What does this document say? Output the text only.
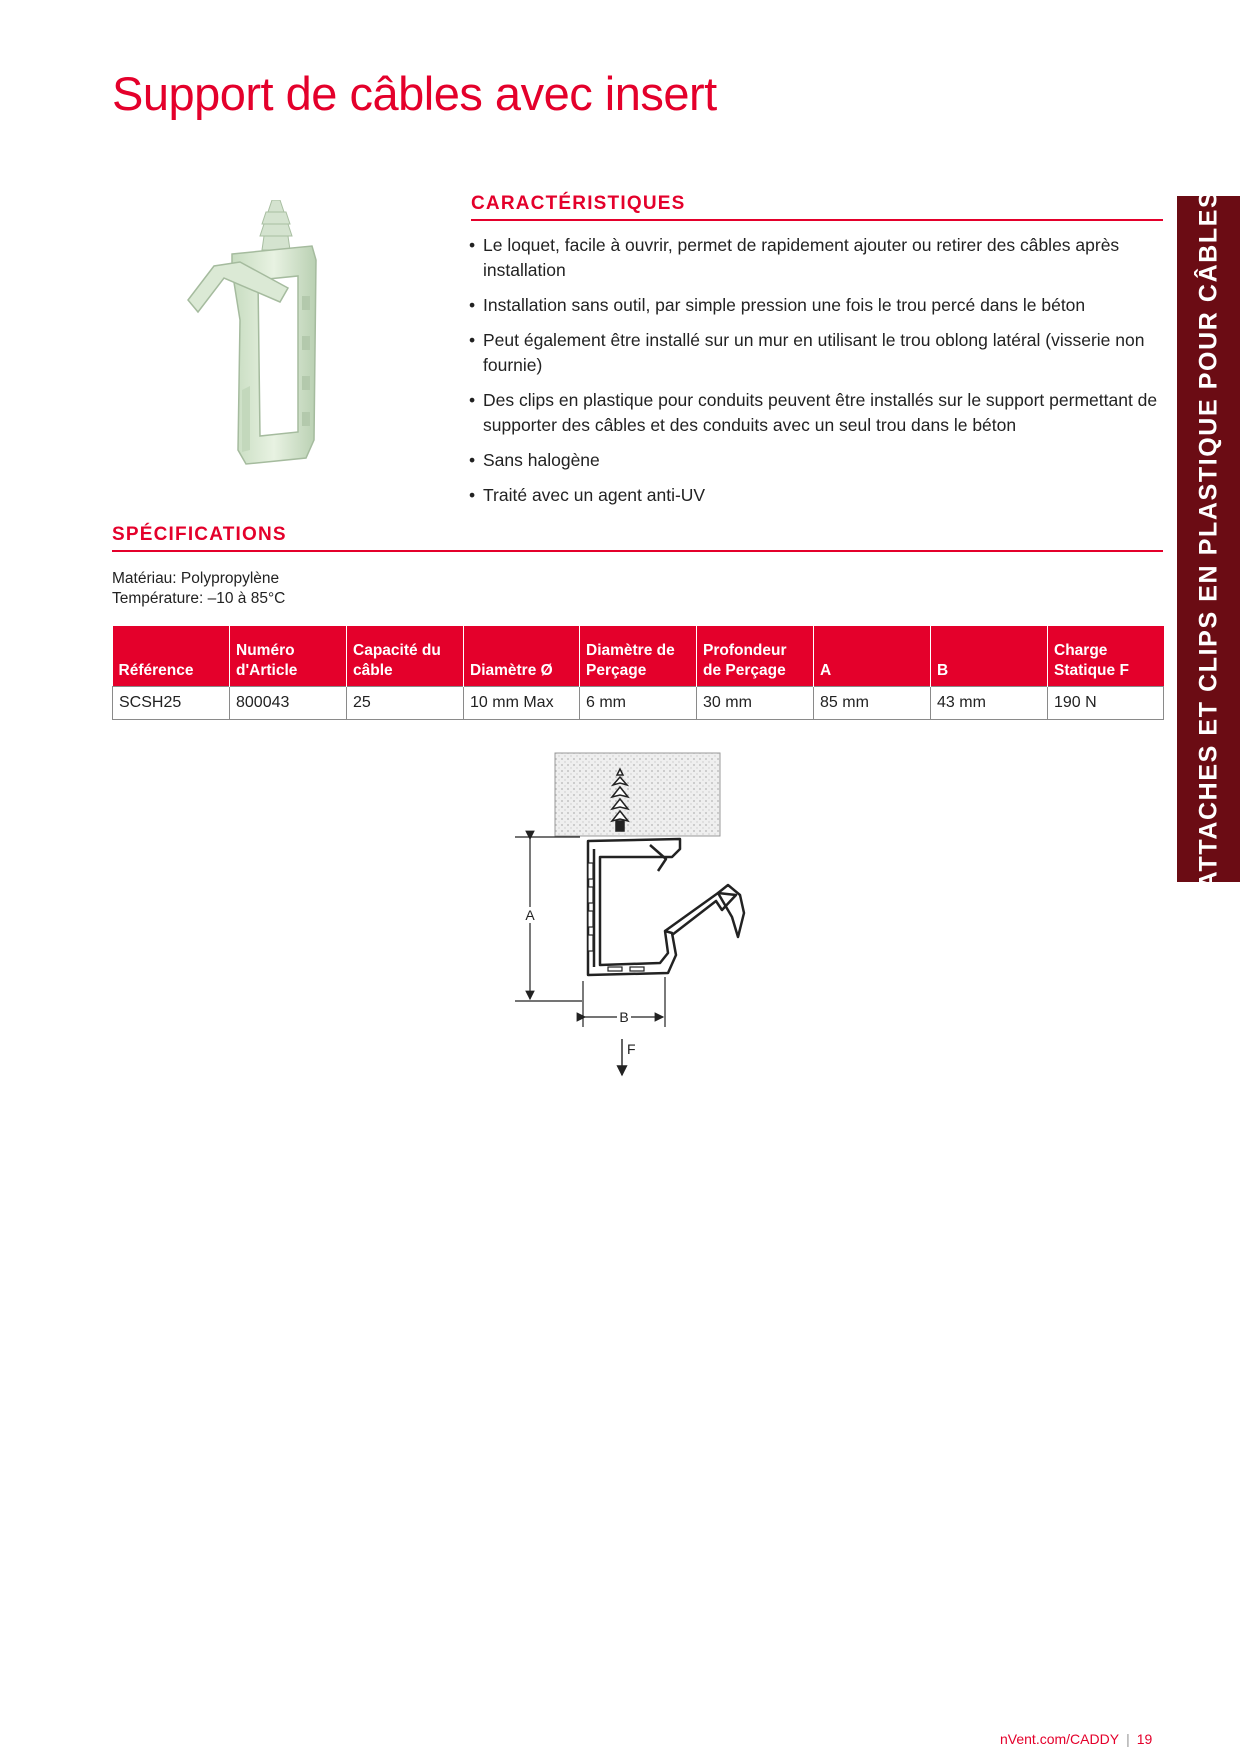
Support de câbles avec insert
ATTACHES ET CLIPS EN PLASTIQUE POUR CÂBLES
CARACTÉRISTIQUES
• Le loquet, facile à ouvrir, permet de rapidement ajouter ou retirer des câbles après installation
• Installation sans outil, par simple pression une fois le trou percé dans le béton
• Peut également être installé sur un mur en utilisant le trou oblong latéral (visserie non fournie)
• Des clips en plastique pour conduits peuvent être installés sur le support permettant de supporter des câbles et des conduits avec un seul trou dans le béton
• Sans halogène
• Traité avec un agent anti-UV
SPÉCIFICATIONS
Matériau: Polypropylène
Température: –10 à 85°C
Référence	Numéro d'Article	Capacité du câble	Diamètre Ø	Diamètre de Perçage	Profondeur de Perçage	A	B	Charge Statique F
SCSH25	800043	25	10 mm Max	6 mm	30 mm	85 mm	43 mm	190 N
A
B
F
nVent.com/CADDY | 19
